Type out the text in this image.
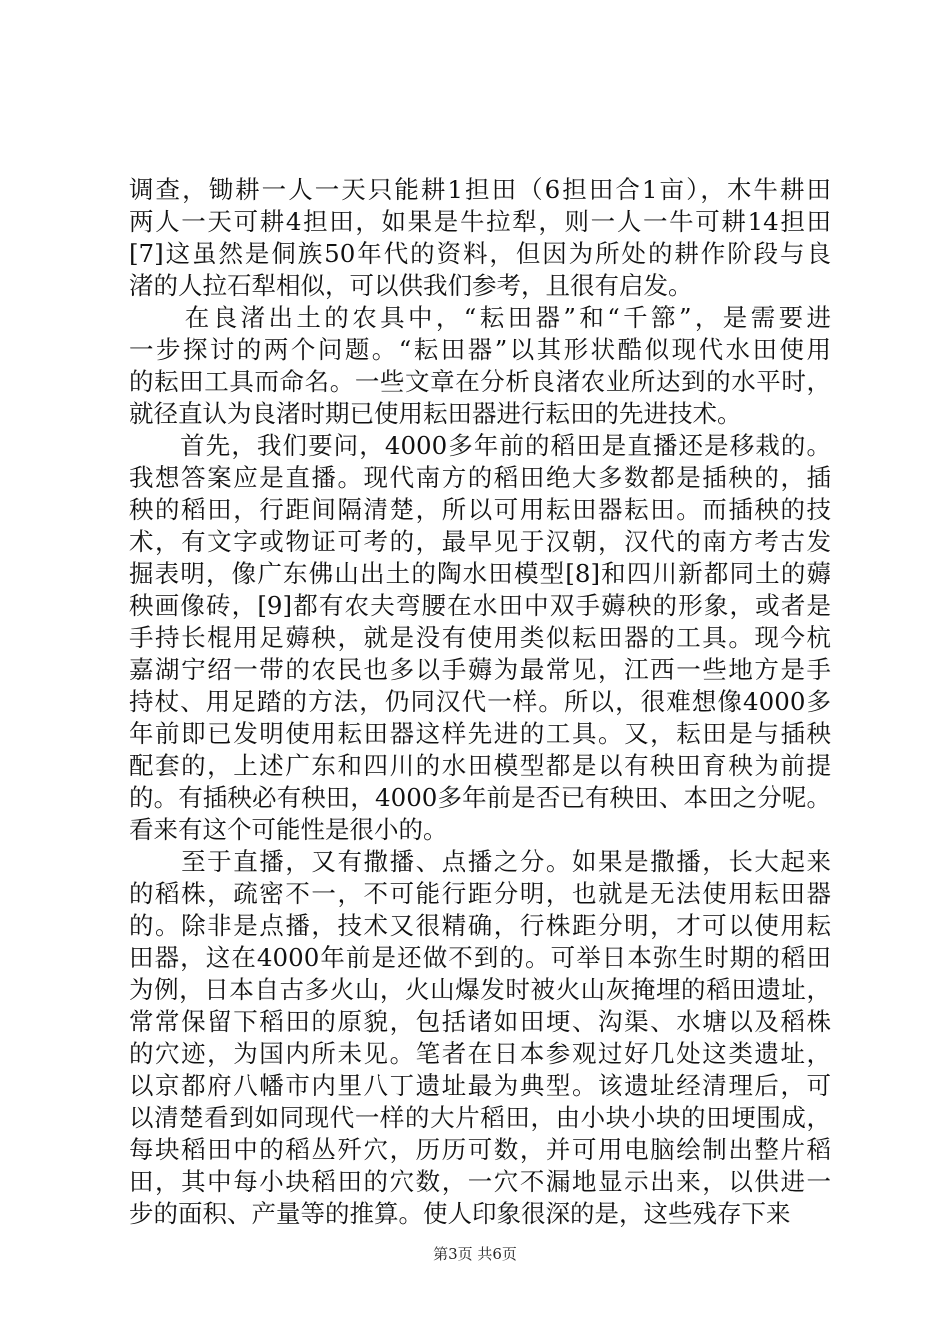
调查，锄耕一人一天只能耕1担田（6担田合1亩），木牛耕田
两人一天可耕4担田，如果是牛拉犁，则一人一牛可耕14担田
[7]这虽然是侗族50年代的资料，但因为所处的耕作阶段与良
渚的人拉石犁相似，可以供我们参考，且很有启发。
　　在良渚出土的农具中，“耘田器”和“千篰”，是需要进
一步探讨的两个问题。“耘田器”以其形状酷似现代水田使用
的耘田工具而命名。一些文章在分析良渚农业所达到的水平时，
就径直认为良渚时期已使用耘田器进行耘田的先进技术。
　　首先，我们要问，4000多年前的稻田是直播还是移栽的。
我想答案应是直播。现代南方的稻田绝大多数都是插秧的，插
秧的稻田，行距间隔清楚，所以可用耘田器耘田。而插秧的技
术，有文字或物证可考的，最早见于汉朝，汉代的南方考古发
掘表明，像广东佛山出土的陶水田模型[8]和四川新都同土的薅
秧画像砖，[9]都有农夫弯腰在水田中双手薅秧的形象，或者是
手持长棍用足薅秧，就是没有使用类似耘田器的工具。现今杭
嘉湖宁绍一带的农民也多以手薅为最常见，江西一些地方是手
持杖、用足踏的方法，仍同汉代一样。所以，很难想像4000多
年前即已发明使用耘田器这样先进的工具。又，耘田是与插秧
配套的，上述广东和四川的水田模型都是以有秧田育秧为前提
的。有插秧必有秧田，4000多年前是否已有秧田、本田之分呢。
看来有这个可能性是很小的。
　　至于直播，又有撒播、点播之分。如果是撒播，长大起来
的稻株，疏密不一，不可能行距分明，也就是无法使用耘田器
的。除非是点播，技术又很精确，行株距分明，才可以使用耘
田器，这在4000年前是还做不到的。可举日本弥生时期的稻田
为例，日本自古多火山，火山爆发时被火山灰掩埋的稻田遗址，
常常保留下稻田的原貌，包括诸如田埂、沟渠、水塘以及稻株
的穴迹，为国内所未见。笔者在日本参观过好几处这类遗址，
以京都府八幡市内里八丁遗址最为典型。该遗址经清理后，可
以清楚看到如同现代一样的大片稻田，由小块小块的田埂围成，
每块稻田中的稻丛歼穴，历历可数，并可用电脑绘制出整片稻
田，其中每小块稻田的穴数，一穴不漏地显示出来，以供进一
步的面积、产量等的推算。使人印象很深的是，这些残存下来
第3页 共6页
